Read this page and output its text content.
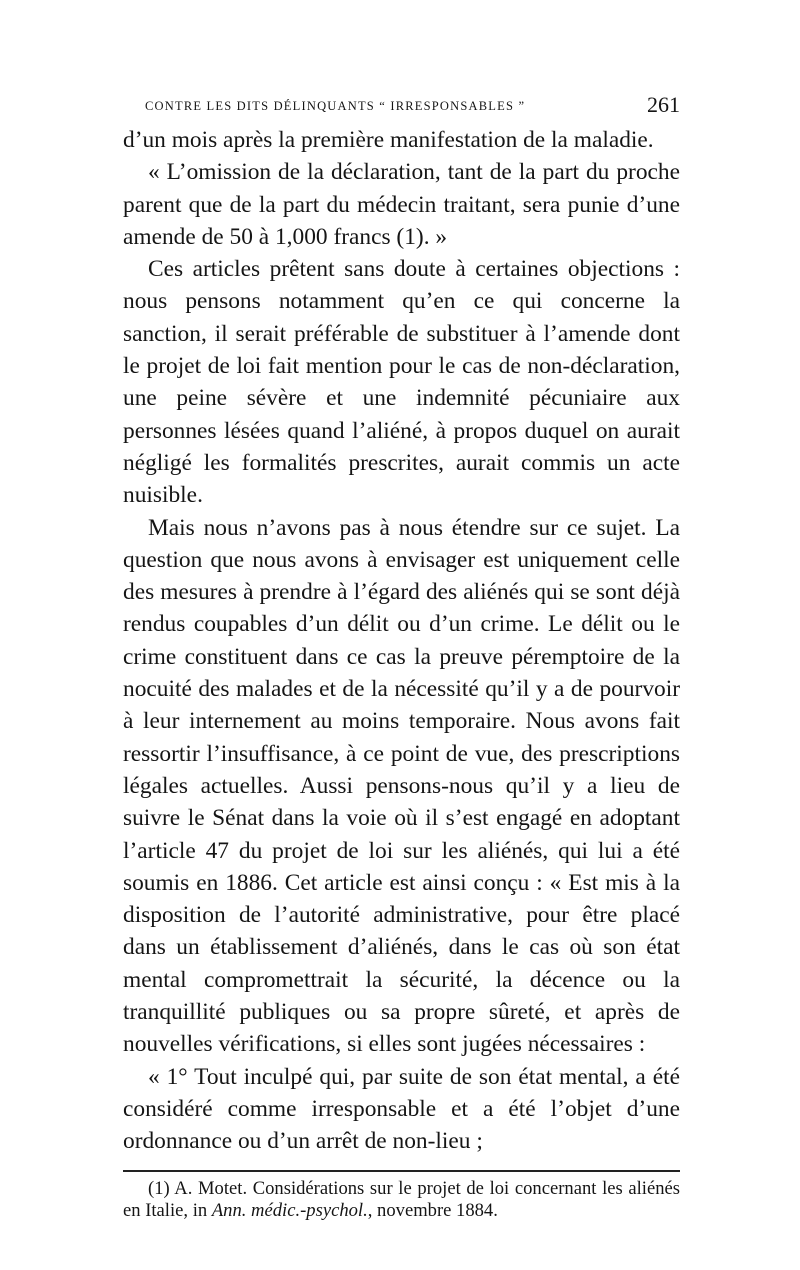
CONTRE LES DITS DÉLINQUANTS “ IRRESPONSABLES ”	261

d’un mois après la première manifestation de la maladie.

« L’omission de la déclaration, tant de la part du proche parent que de la part du médecin traitant, sera punie d’une amende de 50 à 1,000 francs (1). »

Ces articles prêtent sans doute à certaines objections : nous pensons notamment qu’en ce qui concerne la sanction, il serait préférable de substituer à l’amende dont le projet de loi fait mention pour le cas de non-déclaration, une peine sévère et une indemnité pécuniaire aux personnes lésées quand l’aliéné, à propos duquel on aurait négligé les formalités prescrites, aurait commis un acte nuisible.

Mais nous n’avons pas à nous étendre sur ce sujet. La question que nous avons à envisager est uniquement celle des mesures à prendre à l’égard des aliénés qui se sont déjà rendus coupables d’un délit ou d’un crime. Le délit ou le crime constituent dans ce cas la preuve péremptoire de la nocuité des malades et de la nécessité qu’il y a de pourvoir à leur internement au moins temporaire. Nous avons fait ressortir l’insuffisance, à ce point de vue, des prescriptions légales actuelles. Aussi pensons-nous qu’il y a lieu de suivre le Sénat dans la voie où il s’est engagé en adoptant l’article 47 du projet de loi sur les aliénés, qui lui a été soumis en 1886. Cet article est ainsi conçu : « Est mis à la disposition de l’autorité administrative, pour être placé dans un établissement d’aliénés, dans le cas où son état mental compromettrait la sécurité, la décence ou la tranquillité publiques ou sa propre sûreté, et après de nouvelles vérifications, si elles sont jugées nécessaires :

« 1° Tout inculpé qui, par suite de son état mental, a été considéré comme irresponsable et a été l’objet d’une ordonnance ou d’un arrêt de non-lieu ;

(1) A. Motet. Considérations sur le projet de loi concernant les aliénés en Italie, in Ann. médic.-psychol., novembre 1884.
